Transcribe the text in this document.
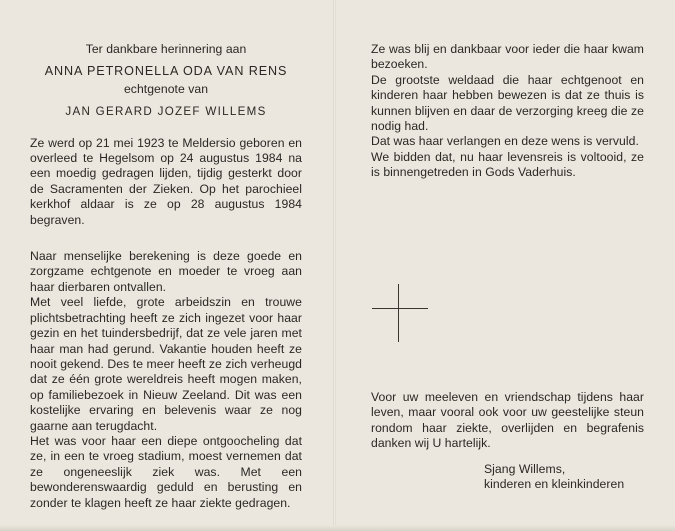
Ter dankbare herinnering aan
ANNA PETRONELLA ODA VAN RENS
echtgenote van
JAN GERARD JOZEF WILLEMS

Ze werd op 21 mei 1923 te Meldersio geboren en overleed te Hegelsom op 24 augustus 1984 na een moedig gedragen lijden, tijdig gesterkt door de Sacramenten der Zieken. Op het parochieel kerkhof aldaar is ze op 28 augustus 1984 begraven.

Naar menselijke berekening is deze goede en zorgzame echtgenote en moeder te vroeg aan haar dierbaren ontvallen.

Met veel liefde, grote arbeidszin en trouwe plichtsbetrachting heeft ze zich ingezet voor haar gezin en het tuindersbedrijf, dat ze vele jaren met haar man had gerund. Vakantie houden heeft ze nooit gekend. Des te meer heeft ze zich verheugd dat ze één grote wereldreis heeft mogen maken, op familiebezoek in Nieuw Zeeland. Dit was een kostelijke ervaring en belevenis waar ze nog gaarne aan terugdacht.

Het was voor haar een diepe ontgoocheling dat ze, in een te vroeg stadium, moest vernemen dat ze ongeneeslijk ziek was. Met een bewonderenswaardig geduld en berusting en zonder te klagen heeft ze haar ziekte gedragen.

Ze was blij en dankbaar voor ieder die haar kwam bezoeken.

De grootste weldaad die haar echtgenoot en kinderen haar hebben bewezen is dat ze thuis is kunnen blijven en daar de verzorging kreeg die ze nodig had.

Dat was haar verlangen en deze wens is vervuld.

We bidden dat, nu haar levensreis is voltooid, ze is binnengetreden in Gods Vaderhuis.

Voor uw meeleven en vriendschap tijdens haar leven, maar vooral ook voor uw geestelijke steun rondom haar ziekte, overlijden en begrafenis danken wij U hartelijk.

Sjang Willems,
kinderen en kleinkinderen
